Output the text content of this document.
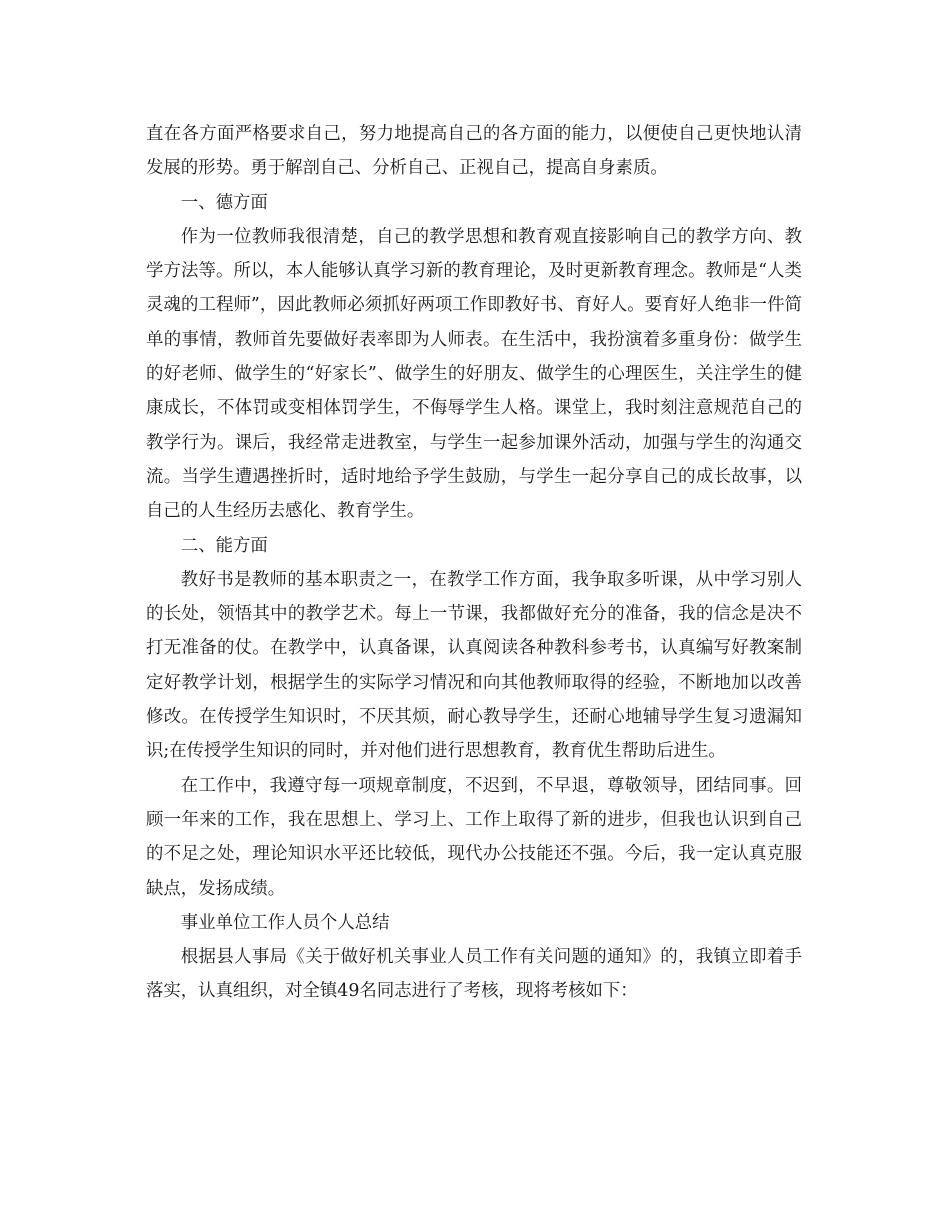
直在各方面严格要求自己，努力地提高自己的各方面的能力，以便使自己更快地认清发展的形势。勇于解剖自己、分析自己、正视自己，提高自身素质。

一、德方面

作为一位教师我很清楚，自己的教学思想和教育观直接影响自己的教学方向、教学方法等。所以，本人能够认真学习新的教育理论，及时更新教育理念。教师是“人类灵魂的工程师”，因此教师必须抓好两项工作即教好书、育好人。要育好人绝非一件简单的事情，教师首先要做好表率即为人师表。在生活中，我扮演着多重身份：做学生的好老师、做学生的“好家长”、做学生的好朋友、做学生的心理医生，关注学生的健康成长，不体罚或变相体罚学生，不侮辱学生人格。课堂上，我时刻注意规范自己的教学行为。课后，我经常走进教室，与学生一起参加课外活动，加强与学生的沟通交流。当学生遭遇挫折时，适时地给予学生鼓励，与学生一起分享自己的成长故事，以自己的人生经历去感化、教育学生。

二、能方面

教好书是教师的基本职责之一，在教学工作方面，我争取多听课，从中学习别人的长处，领悟其中的教学艺术。每上一节课，我都做好充分的准备，我的信念是决不打无准备的仗。在教学中，认真备课，认真阅读各种教科参考书，认真编写好教案制定好教学计划，根据学生的实际学习情况和向其他教师取得的经验，不断地加以改善修改。在传授学生知识时，不厌其烦，耐心教导学生，还耐心地辅导学生复习遗漏知识;在传授学生知识的同时，并对他们进行思想教育，教育优生帮助后进生。

在工作中，我遵守每一项规章制度，不迟到，不早退，尊敬领导，团结同事。回顾一年来的工作，我在思想上、学习上、工作上取得了新的进步，但我也认识到自己的不足之处，理论知识水平还比较低，现代办公技能还不强。今后，我一定认真克服缺点，发扬成绩。

事业单位工作人员个人总结

根据县人事局《关于做好机关事业人员工作有关问题的通知》的，我镇立即着手落实，认真组织，对全镇49名同志进行了考核，现将考核如下：
